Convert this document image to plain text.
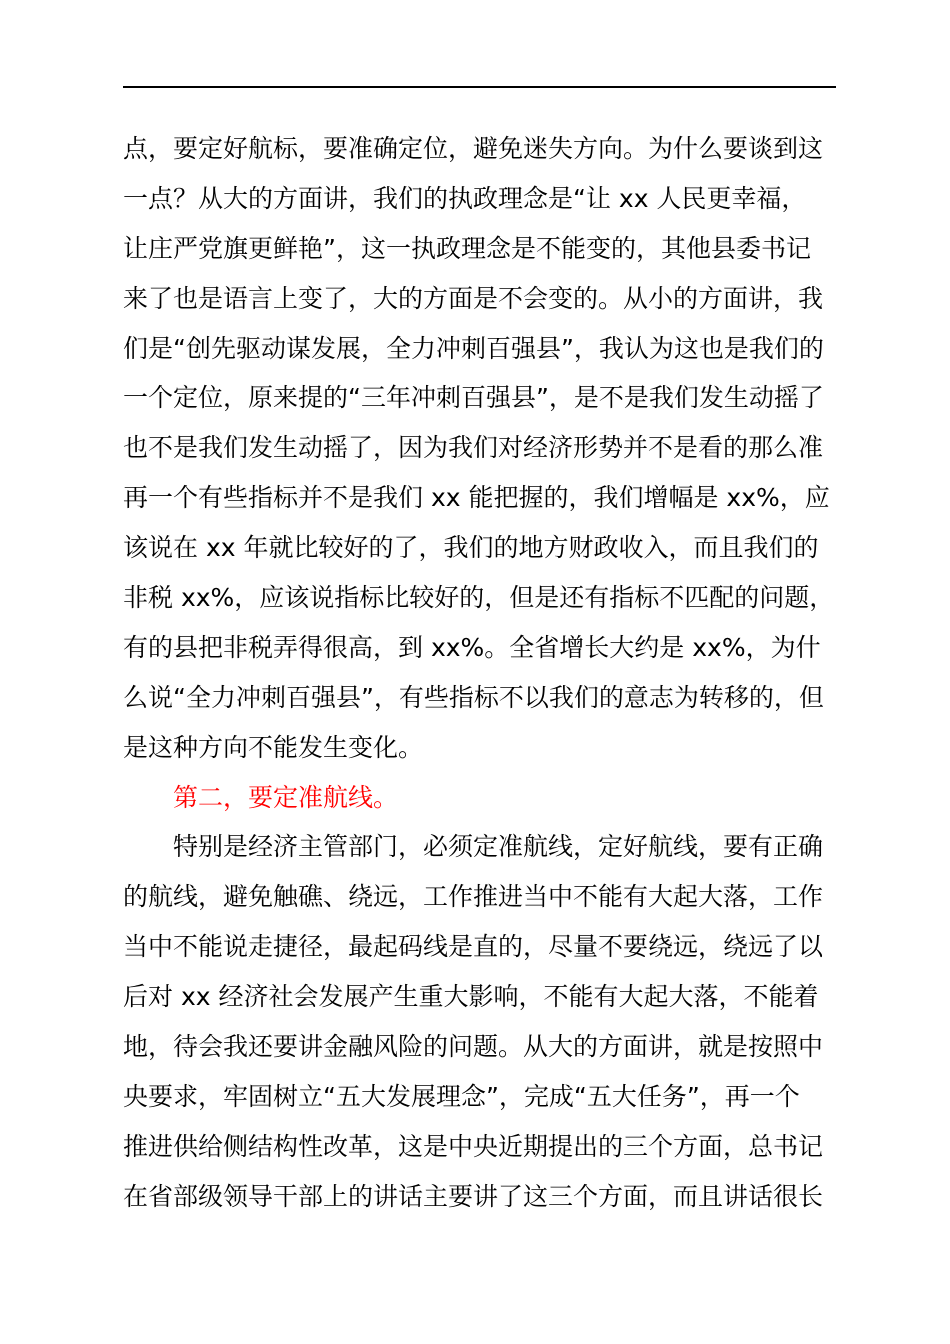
点，要定好航标，要准确定位，避免迷失方向。为什么要谈到这
一点？从大的方面讲，我们的执政理念是“让 xx 人民更幸福，
让庄严党旗更鲜艳”，这一执政理念是不能变的，其他县委书记
来了也是语言上变了，大的方面是不会变的。从小的方面讲，我
们是“创先驱动谋发展，全力冲刺百强县”，我认为这也是我们的
一个定位，原来提的“三年冲刺百强县”，是不是我们发生动摇了
也不是我们发生动摇了，因为我们对经济形势并不是看的那么准
再一个有些指标并不是我们 xx 能把握的，我们增幅是 xx%，应
该说在 xx 年就比较好的了，我们的地方财政收入，而且我们的
非税 xx%，应该说指标比较好的，但是还有指标不匹配的问题，
有的县把非税弄得很高，到 xx%。全省增长大约是 xx%，为什
么说“全力冲刺百强县”，有些指标不以我们的意志为转移的，但
是这种方向不能发生变化。
第二，要定准航线。
特别是经济主管部门，必须定准航线，定好航线，要有正确
的航线，避免触礁、绕远，工作推进当中不能有大起大落，工作
当中不能说走捷径，最起码线是直的，尽量不要绕远，绕远了以
后对 xx 经济社会发展产生重大影响，不能有大起大落，不能着
地，待会我还要讲金融风险的问题。从大的方面讲，就是按照中
央要求，牢固树立“五大发展理念”，完成“五大任务”，再一个
推进供给侧结构性改革，这是中央近期提出的三个方面，总书记
在省部级领导干部上的讲话主要讲了这三个方面，而且讲话很长
